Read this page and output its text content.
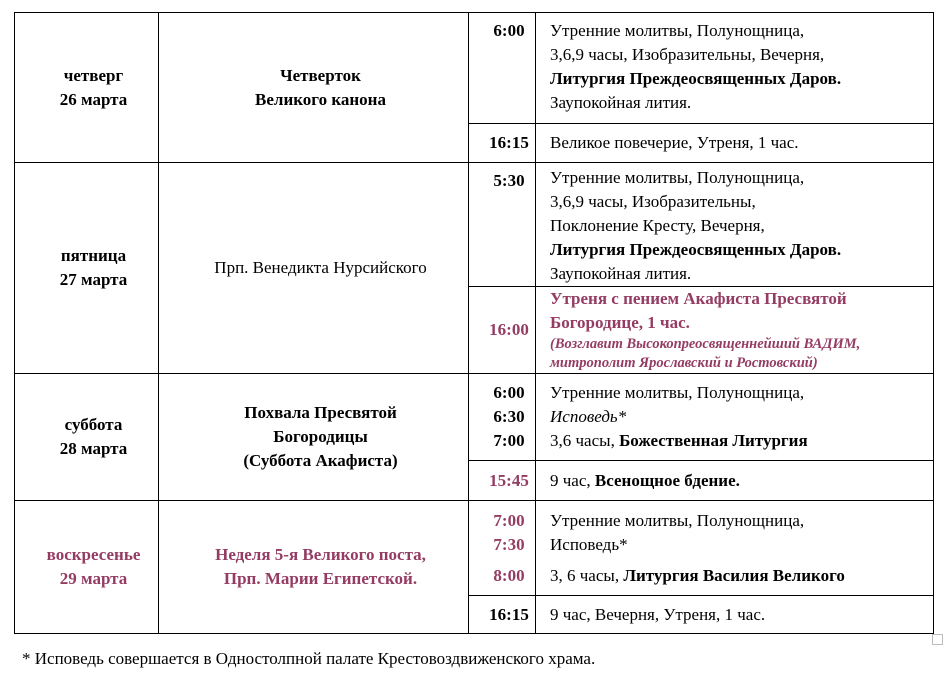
четверг
26 марта	Четверток
Великого канона	6:00	Утренние молитвы, Полунощница,
3,6,9 часы, Изобразительны, Вечерня,
Литургия Преждеосвященных Даров.
Заупокойная лития.

		16:15	Великое повечерие, Утреня, 1 час.

пятница
27 марта	Прп. Венедикта Нурсийского	5:30	Утренние молитвы, Полунощница,
3,6,9 часы, Изобразительны,
Поклонение Кресту, Вечерня,
Литургия Преждеосвященных Даров.
Заупокойная лития.

		16:00	Утреня с пением Акафиста Пресвятой
Богородице, 1 час.
(Возглавит Высокопреосвященнейший ВАДИМ,
митрополит Ярославский и Ростовский)

суббота
28 марта	Похвала Пресвятой
Богородицы
(Суббота Акафиста)	6:00
6:30
7:00	Утренние молитвы, Полунощница,
Исповедь*
3,6 часы, Божественная Литургия

		15:45	9 час, Всенощное бдение.

воскресенье
29 марта	Неделя 5-я Великого поста,
Прп. Марии Египетской.	7:00
7:30
8:00	Утренние молитвы, Полунощница,
Исповедь*
3, 6 часы, Литургия Василия Великого

		16:15	9 час, Вечерня, Утреня, 1 час.
* Исповедь совершается в Одностолпной палате Крестовоздвиженского храма.
